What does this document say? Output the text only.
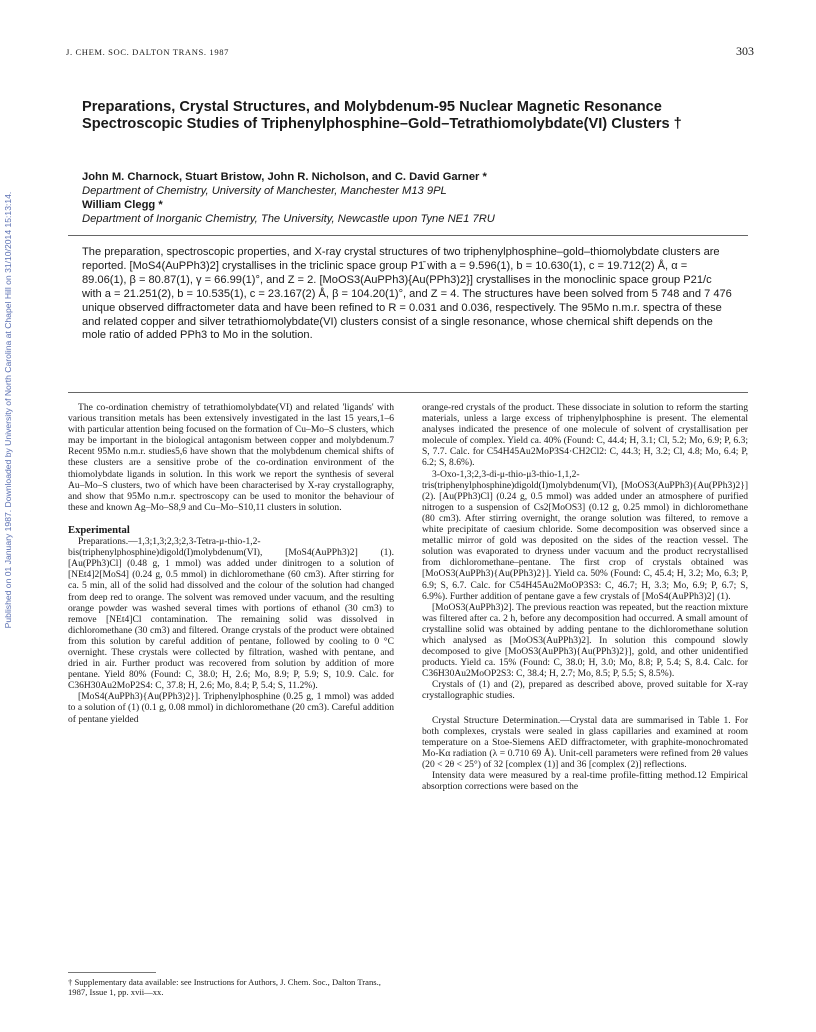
Published on 01 January 1987. Downloaded by University of North Carolina at Chapel Hill on 31/10/2014 15:13:14.
J. CHEM. SOC. DALTON TRANS. 1987	303
Preparations, Crystal Structures, and Molybdenum-95 Nuclear Magnetic Resonance Spectroscopic Studies of Triphenylphosphine–Gold–Tetrathiomolybdate(VI) Clusters †
John M. Charnock, Stuart Bristow, John R. Nicholson, and C. David Garner *
Department of Chemistry, University of Manchester, Manchester M13 9PL
William Clegg *
Department of Inorganic Chemistry, The University, Newcastle upon Tyne NE1 7RU

The preparation, spectroscopic properties, and X-ray crystal structures of two triphenylphosphine–gold–thiomolybdate clusters are reported. [MoS4(AuPPh3)2] crystallises in the triclinic space group P1̄ with a = 9.596(1), b = 10.630(1), c = 19.712(2) Å, α = 89.06(1), β = 80.87(1), γ = 66.99(1)°, and Z = 2. [MoOS3(AuPPh3){Au(PPh3)2}] crystallises in the monoclinic space group P21/c with a = 21.251(2), b = 10.535(1), c = 23.167(2) Å, β = 104.20(1)°, and Z = 4. The structures have been solved from 5 748 and 7 476 unique observed diffractometer data and have been refined to R = 0.031 and 0.036, respectively. The 95Mo n.m.r. spectra of these and related copper and silver tetrathiomolybdate(VI) clusters consist of a single resonance, whose chemical shift depends on the mole ratio of added PPh3 to Mo in the solution.

The co-ordination chemistry of tetrathiomolybdate(VI) and related 'ligands' with various transition metals has been extensively investigated in the last 15 years,1–6 with particular attention being focused on the formation of Cu–Mo–S clusters, which may be important in the biological antagonism between copper and molybdenum.7 Recent 95Mo n.m.r. studies5,6 have shown that the molybdenum chemical shifts of these clusters are a sensitive probe of the co-ordination environment of the thiomolybdate ligands in solution. In this work we report the synthesis of several Au–Mo–S clusters, two of which have been characterised by X-ray crystallography, and show that 95Mo n.m.r. spectroscopy can be used to monitor the behaviour of these and known Ag–Mo–S8,9 and Cu–Mo–S10,11 clusters in solution.

Experimental

Preparations.—1,3;1,3;2,3;2,3-Tetra-μ-thio-1,2-bis(triphenylphosphine)digold(I)molybdenum(VI), [MoS4(AuPPh3)2] (1). [Au(PPh3)Cl] (0.48 g, 1 mmol) was added under dinitrogen to a solution of [NEt4]2[MoS4] (0.24 g, 0.5 mmol) in dichloromethane (60 cm3). After stirring for ca. 5 min, all of the solid had dissolved and the colour of the solution had changed from deep red to orange. The solvent was removed under vacuum, and the resulting orange powder was washed several times with portions of ethanol (30 cm3) to remove [NEt4]Cl contamination. The remaining solid was dissolved in dichloromethane (30 cm3) and filtered. Orange crystals of the product were obtained from this solution by careful addition of pentane, followed by cooling to 0 °C overnight. These crystals were collected by filtration, washed with pentane, and dried in air. Further product was recovered from solution by addition of more pentane. Yield 80% (Found: C, 38.0; H, 2.6; Mo, 8.9; P, 5.9; S, 10.9. Calc. for C36H30Au2MoP2S4: C, 37.8; H, 2.6; Mo, 8.4; P, 5.4; S, 11.2%).

[MoS4(AuPPh3){Au(PPh3)2}]. Triphenylphosphine (0.25 g, 1 mmol) was added to a solution of (1) (0.1 g, 0.08 mmol) in dichloromethane (20 cm3). Careful addition of pentane yielded

orange-red crystals of the product. These dissociate in solution to reform the starting materials, unless a large excess of triphenylphosphine is present. The elemental analyses indicated the presence of one molecule of solvent of crystallisation per molecule of complex. Yield ca. 40% (Found: C, 44.4; H, 3.1; Cl, 5.2; Mo, 6.9; P, 6.3; S, 7.7. Calc. for C54H45Au2MoP3S4·CH2Cl2: C, 44.3; H, 3.2; Cl, 4.8; Mo, 6.4; P, 6.2; S, 8.6%).

3-Oxo-1,3;2,3-di-μ-thio-μ3-thio-1,1,2-tris(triphenylphosphine)digold(I)molybdenum(VI), [MoOS3(AuPPh3){Au(PPh3)2}] (2). [Au(PPh3)Cl] (0.24 g, 0.5 mmol) was added under an atmosphere of purified nitrogen to a suspension of Cs2[MoOS3] (0.12 g, 0.25 mmol) in dichloromethane (80 cm3). After stirring overnight, the orange solution was filtered, to remove a white precipitate of caesium chloride. Some decomposition was observed since a metallic mirror of gold was deposited on the sides of the reaction vessel. The solution was evaporated to dryness under vacuum and the product recrystallised from dichloromethane–pentane. The first crop of crystals obtained was [MoOS3(AuPPh3){Au(PPh3)2}]. Yield ca. 50% (Found: C, 45.4; H, 3.2; Mo, 6.3; P, 6.9; S, 6.7. Calc. for C54H45Au2MoOP3S3: C, 46.7; H, 3.3; Mo, 6.9; P, 6.7; S, 6.9%). Further addition of pentane gave a few crystals of [MoS4(AuPPh3)2] (1).

[MoOS3(AuPPh3)2]. The previous reaction was repeated, but the reaction mixture was filtered after ca. 2 h, before any decomposition had occurred. A small amount of crystalline solid was obtained by adding pentane to the dichloromethane solution which analysed as [MoOS3(AuPPh3)2]. In solution this compound slowly decomposed to give [MoOS3(AuPPh3){Au(PPh3)2}], gold, and other unidentified products. Yield ca. 15% (Found: C, 38.0; H, 3.0; Mo, 8.8; P, 5.4; S, 8.4. Calc. for C36H30Au2MoOP2S3: C, 38.4; H, 2.7; Mo, 8.5; P, 5.5; S, 8.5%).

Crystals of (1) and (2), prepared as described above, proved suitable for X-ray crystallographic studies.

Crystal Structure Determination.—Crystal data are summarised in Table 1. For both complexes, crystals were sealed in glass capillaries and examined at room temperature on a Stoe-Siemens AED diffractometer, with graphite-monochromated Mo-Kα radiation (λ = 0.710 69 Å). Unit-cell parameters were refined from 2θ values (20 < 2θ < 25°) of 32 [complex (1)] and 36 [complex (2)] reflections.

Intensity data were measured by a real-time profile-fitting method.12 Empirical absorption corrections were based on the

† Supplementary data available: see Instructions for Authors, J. Chem. Soc., Dalton Trans., 1987, Issue 1, pp. xvii—xx.
